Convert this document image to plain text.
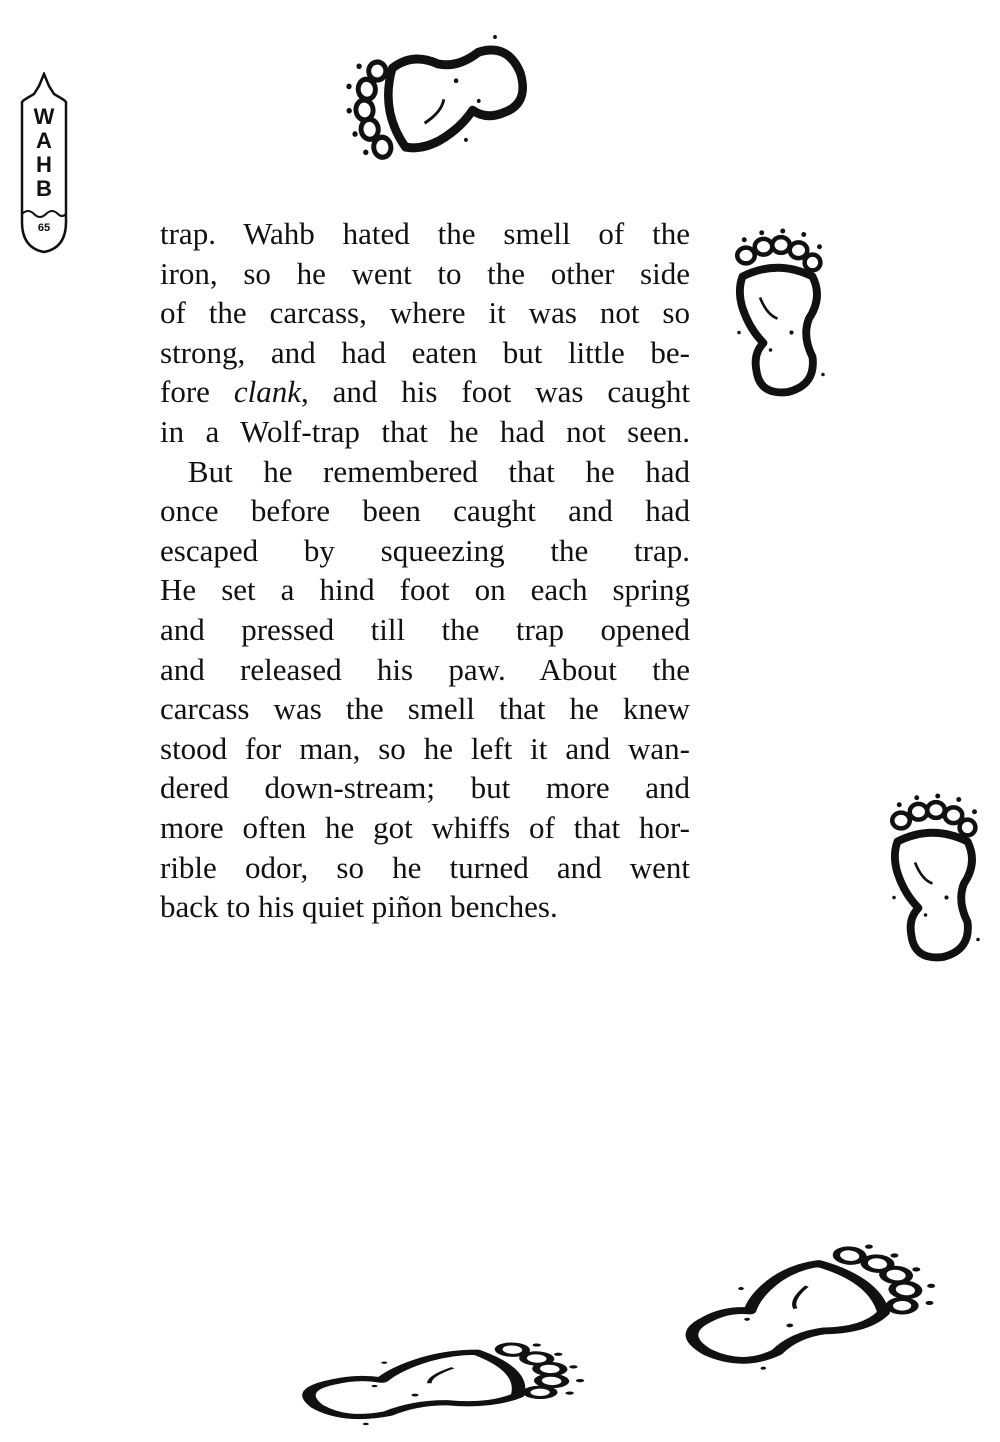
W
A
H
B
65	trap. Wahb hated the smell of the

iron, so he went to the other side

of the carcass, where it was not so

strong, and had eaten but little be-

fore clank, and his foot was caught

in a Wolf-trap that he had not seen.

But he remembered that he had

once before been caught and had

escaped by squeezing the trap.

He set a hind foot on each spring

and pressed till the trap opened

and released his paw. About the

carcass was the smell that he knew

stood for man, so he left it and wan-

dered down-stream; but more and

more often he got whiffs of that hor-

rible odor, so he turned and went

back to his quiet piñon benches.
